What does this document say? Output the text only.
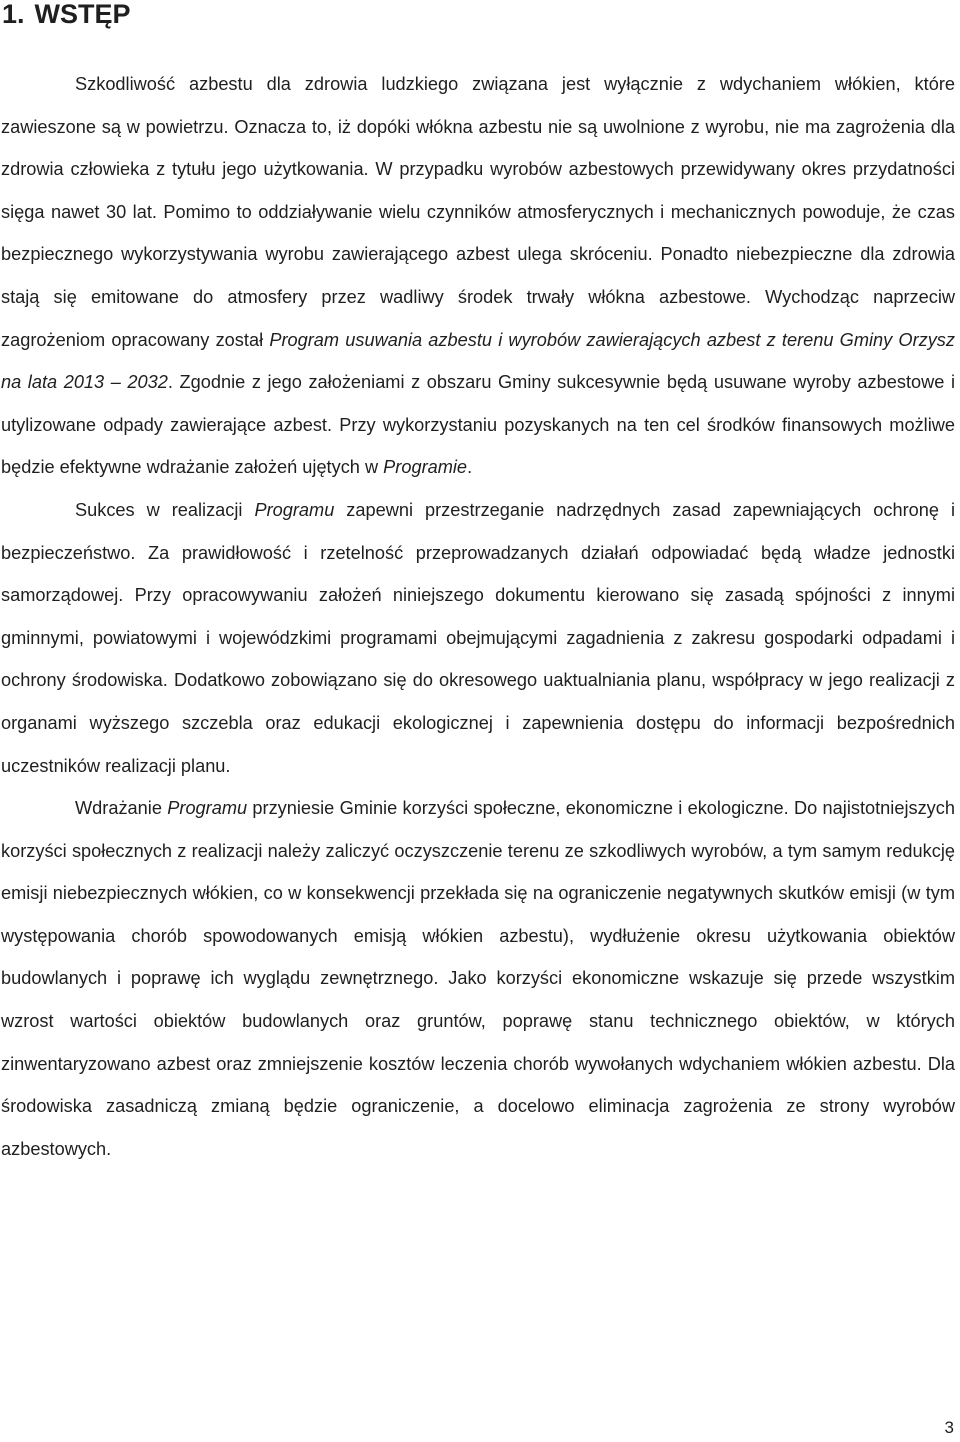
1. WSTĘP

Szkodliwość azbestu dla zdrowia ludzkiego związana jest wyłącznie z wdychaniem włókien, które zawieszone są w powietrzu. Oznacza to, iż dopóki włókna azbestu nie są uwolnione z wyrobu, nie ma zagrożenia dla zdrowia człowieka z tytułu jego użytkowania. W przypadku wyrobów azbestowych przewidywany okres przydatności sięga nawet 30 lat. Pomimo to oddziaływanie wielu czynników atmosferycznych i mechanicznych powoduje, że czas bezpiecznego wykorzystywania wyrobu zawierającego azbest ulega skróceniu. Ponadto niebezpieczne dla zdrowia stają się emitowane do atmosfery przez wadliwy środek trwały włókna azbestowe. Wychodząc naprzeciw zagrożeniom opracowany został Program usuwania azbestu i wyrobów zawierających azbest z terenu Gminy Orzysz na lata 2013 – 2032. Zgodnie z jego założeniami z obszaru Gminy sukcesywnie będą usuwane wyroby azbestowe i utylizowane odpady zawierające azbest. Przy wykorzystaniu pozyskanych na ten cel środków finansowych możliwe będzie efektywne wdrażanie założeń ujętych w Programie.

Sukces w realizacji Programu zapewni przestrzeganie nadrzędnych zasad zapewniających ochronę i bezpieczeństwo. Za prawidłowość i rzetelność przeprowadzanych działań odpowiadać będą władze jednostki samorządowej. Przy opracowywaniu założeń niniejszego dokumentu kierowano się zasadą spójności z innymi gminnymi, powiatowymi i wojewódzkimi programami obejmującymi zagadnienia z zakresu gospodarki odpadami i ochrony środowiska. Dodatkowo zobowiązano się do okresowego uaktualniania planu, współpracy w jego realizacji z organami wyższego szczebla oraz edukacji ekologicznej i zapewnienia dostępu do informacji bezpośrednich uczestników realizacji planu.

Wdrażanie Programu przyniesie Gminie korzyści społeczne, ekonomiczne i ekologiczne. Do najistotniejszych korzyści społecznych z realizacji należy zaliczyć oczyszczenie terenu ze szkodliwych wyrobów, a tym samym redukcję emisji niebezpiecznych włókien, co w konsekwencji przekłada się na ograniczenie negatywnych skutków emisji (w tym występowania chorób spowodowanych emisją włókien azbestu), wydłużenie okresu użytkowania obiektów budowlanych i poprawę ich wyglądu zewnętrznego. Jako korzyści ekonomiczne wskazuje się przede wszystkim wzrost wartości obiektów budowlanych oraz gruntów, poprawę stanu technicznego obiektów, w których zinwentaryzowano azbest oraz zmniejszenie kosztów leczenia chorób wywołanych wdychaniem włókien azbestu. Dla środowiska zasadniczą zmianą będzie ograniczenie, a docelowo eliminacja zagrożenia ze strony wyrobów azbestowych.

3
